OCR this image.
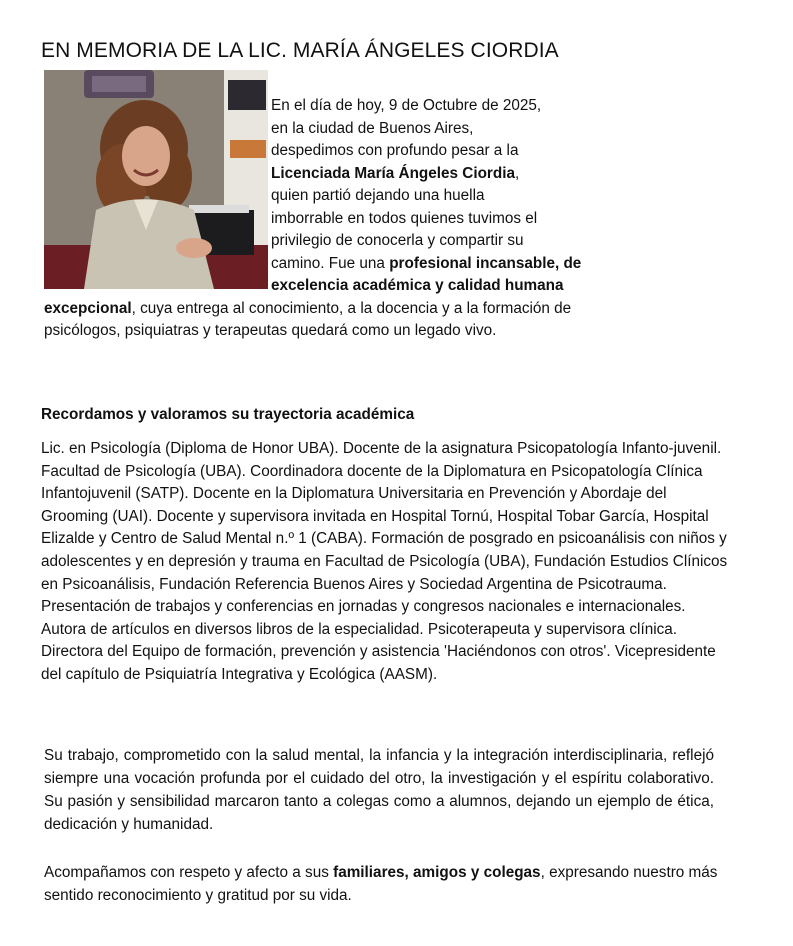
EN MEMORIA DE LA LIC. MARÍA ÁNGELES CIORDIA
En el día de hoy, 9 de Octubre de 2025,
en la ciudad de Buenos Aires,
despedimos con profundo pesar a la
Licenciada María Ángeles Ciordia,
quien partió dejando una huella
imborrable en todos quienes tuvimos el
privilegio de conocerla y compartir su
camino. Fue una profesional incansable, de excelencia académica y calidad humana excepcional, cuya entrega al conocimiento, a la docencia y a la formación de psicólogos, psiquiatras y terapeutas quedará como un legado vivo.
Recordamos y valoramos su trayectoria académica

Lic. en Psicología (Diploma de Honor UBA). Docente de la asignatura Psicopatología Infanto-juvenil. Facultad de Psicología (UBA). Coordinadora docente de la Diplomatura en Psicopatología Clínica Infantojuvenil (SATP). Docente en la Diplomatura Universitaria en Prevención y Abordaje del Grooming (UAI). Docente y supervisora invitada en Hospital Tornú, Hospital Tobar García, Hospital Elizalde y Centro de Salud Mental n.º 1 (CABA). Formación de posgrado en psicoanálisis con niños y adolescentes y en depresión y trauma en Facultad de Psicología (UBA), Fundación Estudios Clínicos en Psicoanálisis, Fundación Referencia Buenos Aires y Sociedad Argentina de Psicotrauma. Presentación de trabajos y conferencias en jornadas y congresos nacionales e internacionales. Autora de artículos en diversos libros de la especialidad. Psicoterapeuta y supervisora clínica. Directora del Equipo de formación, prevención y asistencia 'Haciéndonos con otros'. Vicepresidente del capítulo de Psiquiatría Integrativa y Ecológica (AASM).

Su trabajo, comprometido con la salud mental, la infancia y la integración interdisciplinaria, reflejó siempre una vocación profunda por el cuidado del otro, la investigación y el espíritu colaborativo. Su pasión y sensibilidad marcaron tanto a colegas como a alumnos, dejando un ejemplo de ética, dedicación y humanidad.

Acompañamos con respeto y afecto a sus familiares, amigos y colegas, expresando nuestro más sentido reconocimiento y gratitud por su vida.
